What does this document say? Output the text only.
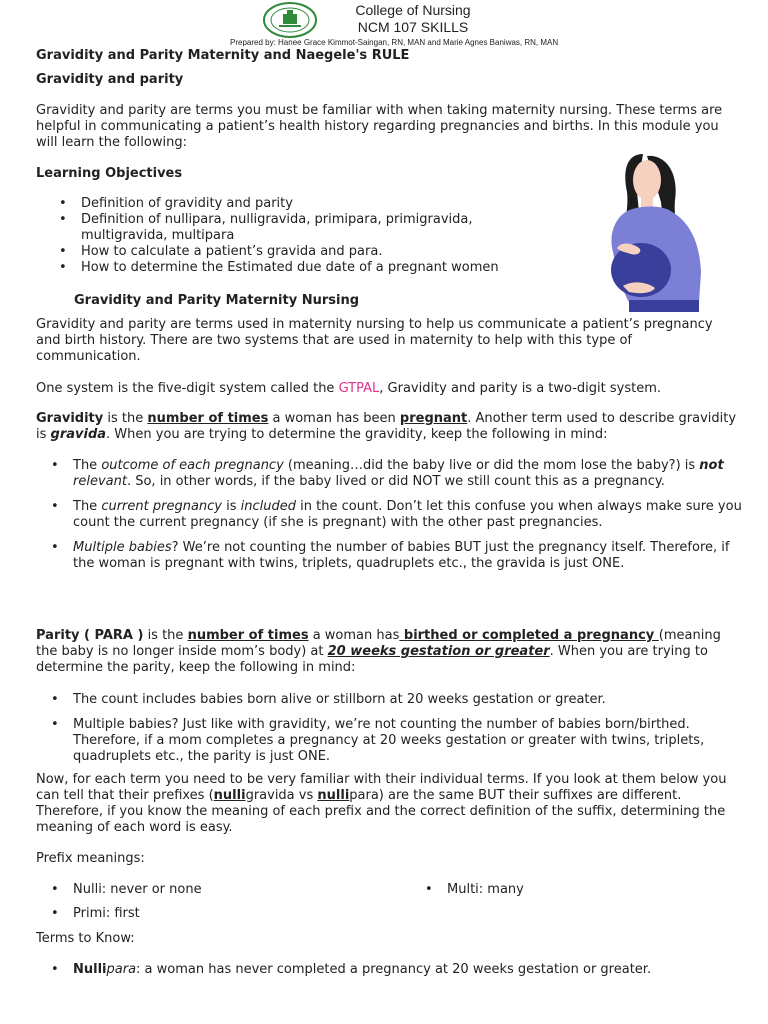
College of Nursing
NCM 107 SKILLS
Prepared by: Hanee Grace Kimmot-Saingan, RN, MAN and Marie Agnes Baniwas, RN, MAN
Gravidity and Parity Maternity and Naegele's RULE
Gravidity and parity

Gravidity and parity are terms you must be familiar with when taking maternity nursing. These terms are helpful in communicating a patient’s health history regarding pregnancies and births. In this module you will learn the following:

Learning Objectives
• Definition of gravidity and parity
• Definition of nullipara, nulligravida, primipara, primigravida, multigravida, multipara
• How to calculate a patient’s gravida and para.
• How to determine the Estimated due date of a pregnant women
Gravidity and Parity Maternity Nursing

Gravidity and parity are terms used in maternity nursing to help us communicate a patient’s pregnancy and birth history. There are two systems that are used in maternity to help with this type of communication.

One system is the five-digit system called the GTPAL, Gravidity and parity is a two-digit system.

Gravidity is the number of times a woman has been pregnant. Another term used to describe gravidity is gravida. When you are trying to determine the gravidity, keep the following in mind:

• The outcome of each pregnancy (meaning…did the baby live or did the mom lose the baby?) is not relevant. So, in other words, if the baby lived or did NOT we still count this as a pregnancy.
• The current pregnancy is included in the count. Don’t let this confuse you when always make sure you count the current pregnancy (if she is pregnant) with the other past pregnancies.
• Multiple babies? We’re not counting the number of babies BUT just the pregnancy itself. Therefore, if the woman is pregnant with twins, triplets, quadruplets etc., the gravida is just ONE.

Parity ( PARA ) is the number of times a woman has birthed or completed a pregnancy (meaning the baby is no longer inside mom’s body) at 20 weeks gestation or greater. When you are trying to determine the parity, keep the following in mind:

• The count includes babies born alive or stillborn at 20 weeks gestation or greater.
• Multiple babies? Just like with gravidity, we’re not counting the number of babies born/birthed. Therefore, if a mom completes a pregnancy at 20 weeks gestation or greater with twins, triplets, quadruplets etc., the parity is just ONE.

Now, for each term you need to be very familiar with their individual terms. If you look at them below you can tell that their prefixes (nulligravida vs nullipara) are the same BUT their suffixes are different. Therefore, if you know the meaning of each prefix and the correct definition of the suffix, determining the meaning of each word is easy.

Prefix meanings:
• Nulli: never or none
• Primi: first
• Multi: many
Terms to Know:
• Nullipara: a woman has never completed a pregnancy at 20 weeks gestation or greater.
